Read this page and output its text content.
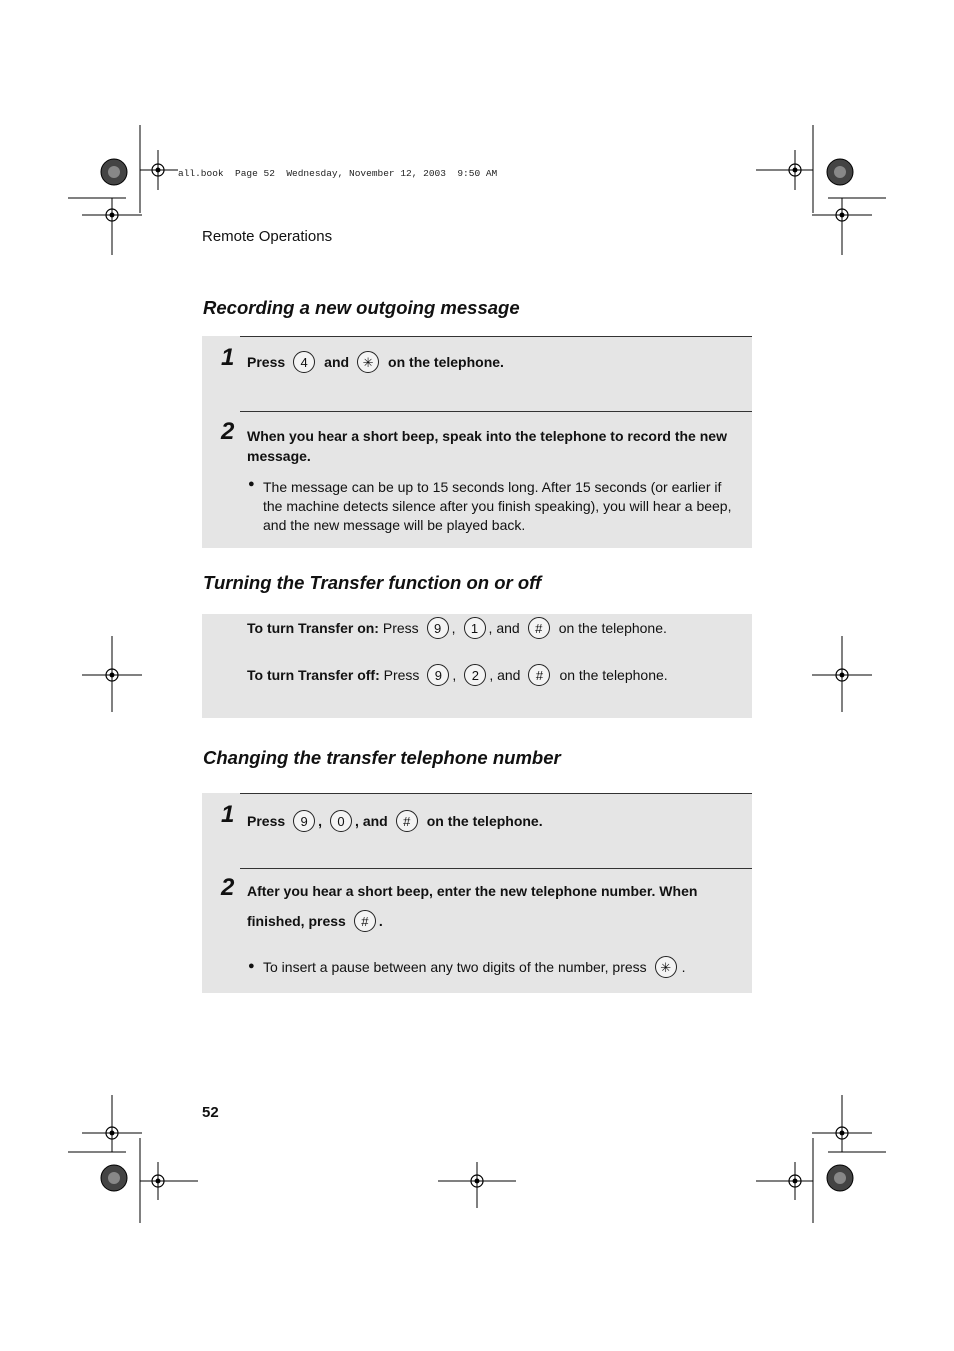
all.book  Page 52  Wednesday, November 12, 2003  9:50 AM
Remote Operations
Recording a new outgoing message
1 Press	4	and	✳	on the telephone.
2 When you hear a short beep, speak into the telephone to record the new
message.
● The message can be up to 15 seconds long. After 15 seconds (or earlier if
the machine detects silence after you finish speaking), you will hear a beep,
and the new message will be played back.
Turning the Transfer function on or off
To turn Transfer on:
Press	9 ,	1 , and	#	on the telephone.
To turn Transfer off:
Press	9 ,	2 , and	#	on the telephone.
Changing the transfer telephone number
1 Press	9 ,	0 , and	#	on the telephone.
2 After you hear a short beep, enter the new telephone number. When
finished, press	# .
● To insert a pause between any two digits of the number, press	✳ .
52
